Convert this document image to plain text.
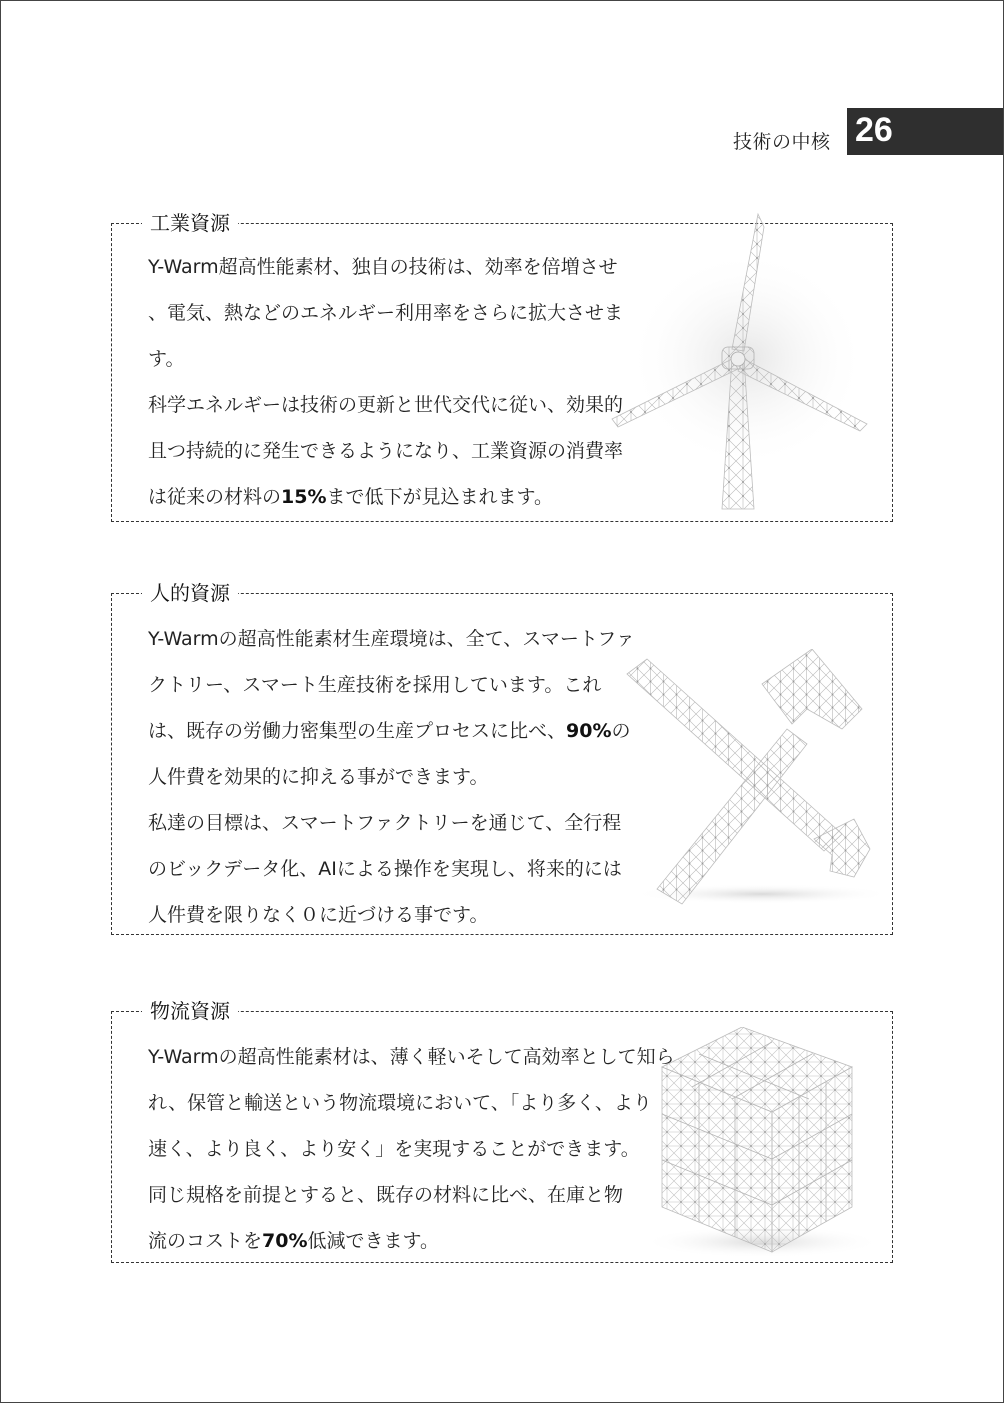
技術の中核 26
工業資源

Y-Warm超高性能素材、独自の技術は、効率を倍増させ
、電気、熱などのエネルギー利用率をさらに拡大させま
す。
科学エネルギーは技術の更新と世代交代に従い、効果的
且つ持続的に発生できるようになり、工業資源の消費率
は従来の材料の15%まで低下が見込まれます。

人的資源

Y-Warmの超高性能素材生産環境は、全て、スマートファ
クトリー、スマート生産技術を採用しています。これ
は、既存の労働力密集型の生産プロセスに比べ、90%の
人件費を効果的に抑える事ができます。
私達の目標は、スマートファクトリーを通じて、全行程
のビックデータ化、AIによる操作を実現し、将来的には
人件費を限りなく０に近づける事です。

物流資源

Y-Warmの超高性能素材は、薄く軽いそして高効率として知ら
れ、保管と輸送という物流環境において、「より多く、より
速く、より良く、より安く」を実現することができます。
同じ規格を前提とすると、既存の材料に比べ、在庫と物
流のコストを70%低減できます。
